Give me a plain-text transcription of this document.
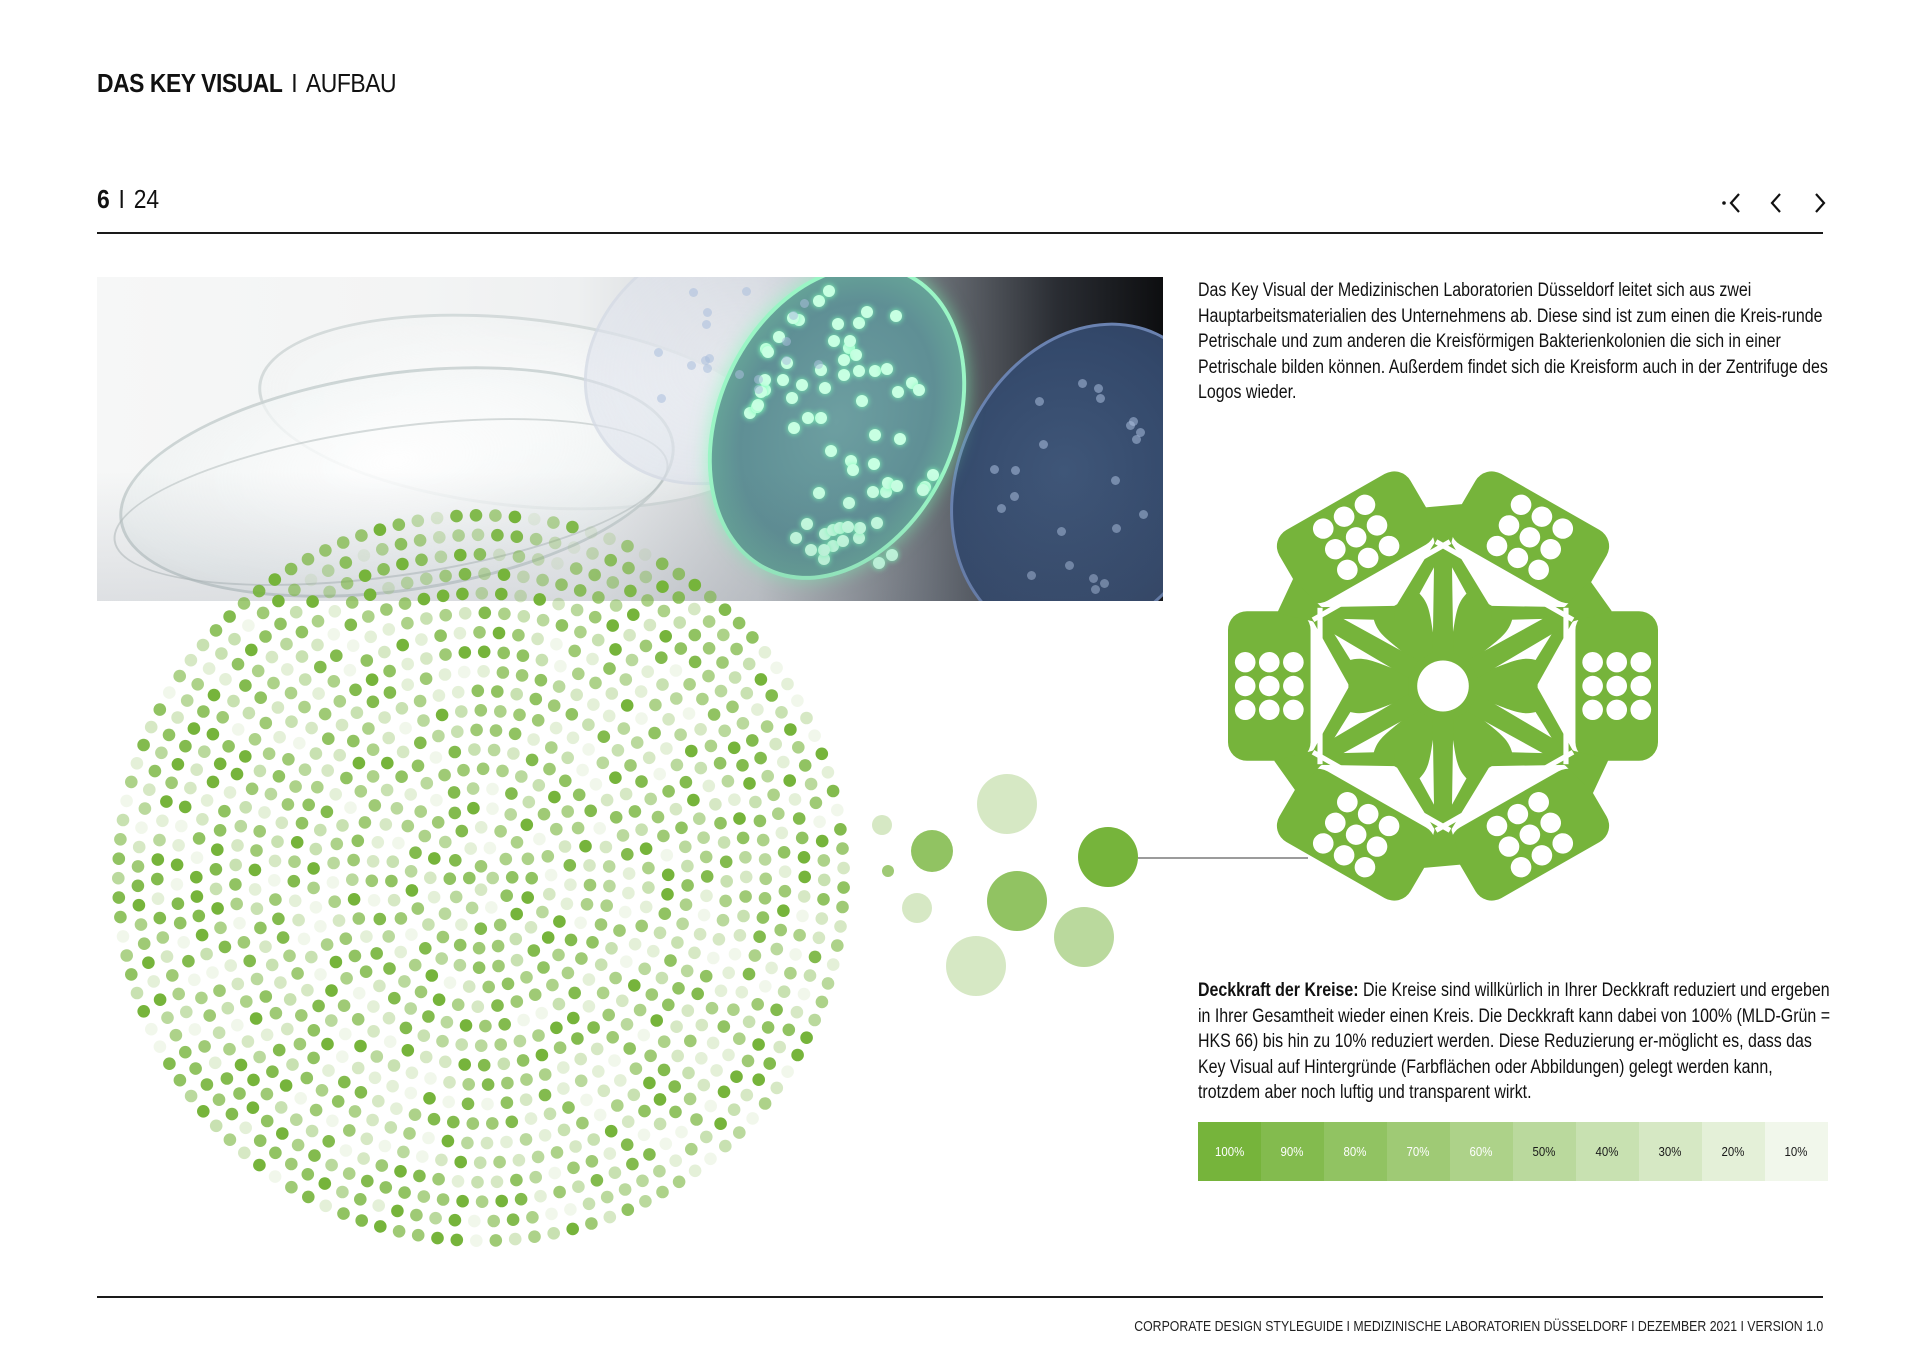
DAS KEY VISUAL I AUFBAU
6 I 24

Das Key Visual der Medizinischen Laboratorien Düsseldorf leitet sich aus zwei Hauptarbeitsmaterialien des Unternehmens ab. Diese sind ist zum einen die Kreis-runde Petrischale und zum anderen die Kreisförmigen Bakterienkolonien die sich in einer Petrischale bilden können. Außerdem findet sich die Kreisform auch in der Zentrifuge des Logos wieder.

Deckkraft der Kreise: Die Kreise sind willkürlich in Ihrer Deckkraft reduziert und ergeben in Ihrer Gesamtheit wieder einen Kreis. Die Deckkraft kann dabei von 100% (MLD-Grün = HKS 66) bis hin zu 10% reduziert werden. Diese Reduzierung er-möglicht es, dass das Key Visual auf Hintergründe (Farbflächen oder Abbildungen) gelegt werden kann, trotzdem aber noch luftig und transparent wirkt.

100%	90%	80%	70%	60%	50%	40%	30%	20%	10%
CORPORATE DESIGN STYLEGUIDE I MEDIZINISCHE LABORATORIEN DÜSSELDORF I DEZEMBER 2021 I VERSION 1.0
